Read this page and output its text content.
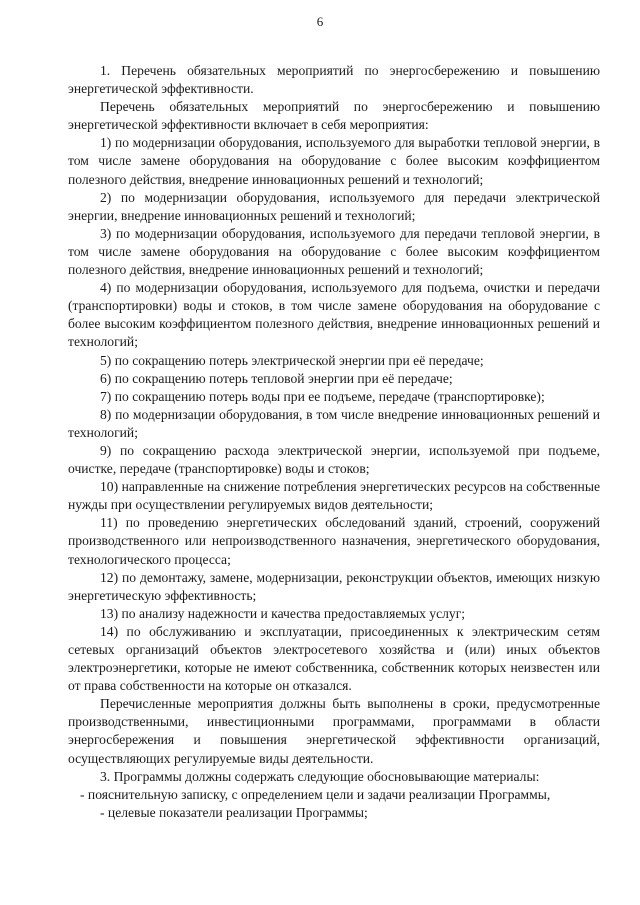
6

1. Перечень обязательных мероприятий по энергосбережению и повышению энергетической эффективности.

Перечень обязательных мероприятий по энергосбережению и повышению энергетической эффективности включает в себя мероприятия:

1) по модернизации оборудования, используемого для выработки тепловой энергии, в том числе замене оборудования на оборудование с более высоким коэффициентом полезного действия, внедрение инновационных решений и технологий;

2) по модернизации оборудования, используемого для передачи электрической энергии, внедрение инновационных решений и технологий;

3) по модернизации оборудования, используемого для передачи тепловой энергии, в том числе замене оборудования на оборудование с более высоким коэффициентом полезного действия, внедрение инновационных решений и технологий;

4) по модернизации оборудования, используемого для подъема, очистки и передачи (транспортировки) воды и стоков, в том числе замене оборудования на оборудование с более высоким коэффициентом полезного действия, внедрение инновационных решений и технологий;

5) по сокращению потерь электрической энергии при её передаче;

6) по сокращению потерь тепловой энергии при её передаче;

7) по сокращению потерь воды при ее подъеме, передаче (транспортировке);

8) по модернизации оборудования, в том числе внедрение инновационных решений и технологий;

9) по сокращению расхода электрической энергии, используемой при подъеме, очистке, передаче (транспортировке) воды и стоков;

10) направленные на снижение потребления энергетических ресурсов на собственные нужды при осуществлении регулируемых видов деятельности;

11) по проведению энергетических обследований зданий, строений, сооружений производственного или непроизводственного назначения, энергетического оборудования, технологического процесса;

12) по демонтажу, замене, модернизации, реконструкции объектов, имеющих низкую энергетическую эффективность;

13) по анализу надежности и качества предоставляемых услуг;

14) по обслуживанию и эксплуатации, присоединенных к электрическим сетям сетевых организаций объектов электросетевого хозяйства и (или) иных объектов электроэнергетики, которые не имеют собственника, собственник которых неизвестен или от права собственности на которые он отказался.

Перечисленные мероприятия должны быть выполнены в сроки, предусмотренные производственными, инвестиционными программами, программами в области энергосбережения и повышения энергетической эффективности организаций, осуществляющих регулируемые виды деятельности.

3. Программы должны содержать следующие обосновывающие материалы:

- пояснительную записку, с определением цели и задачи реализации Программы,

- целевые показатели реализации Программы;
